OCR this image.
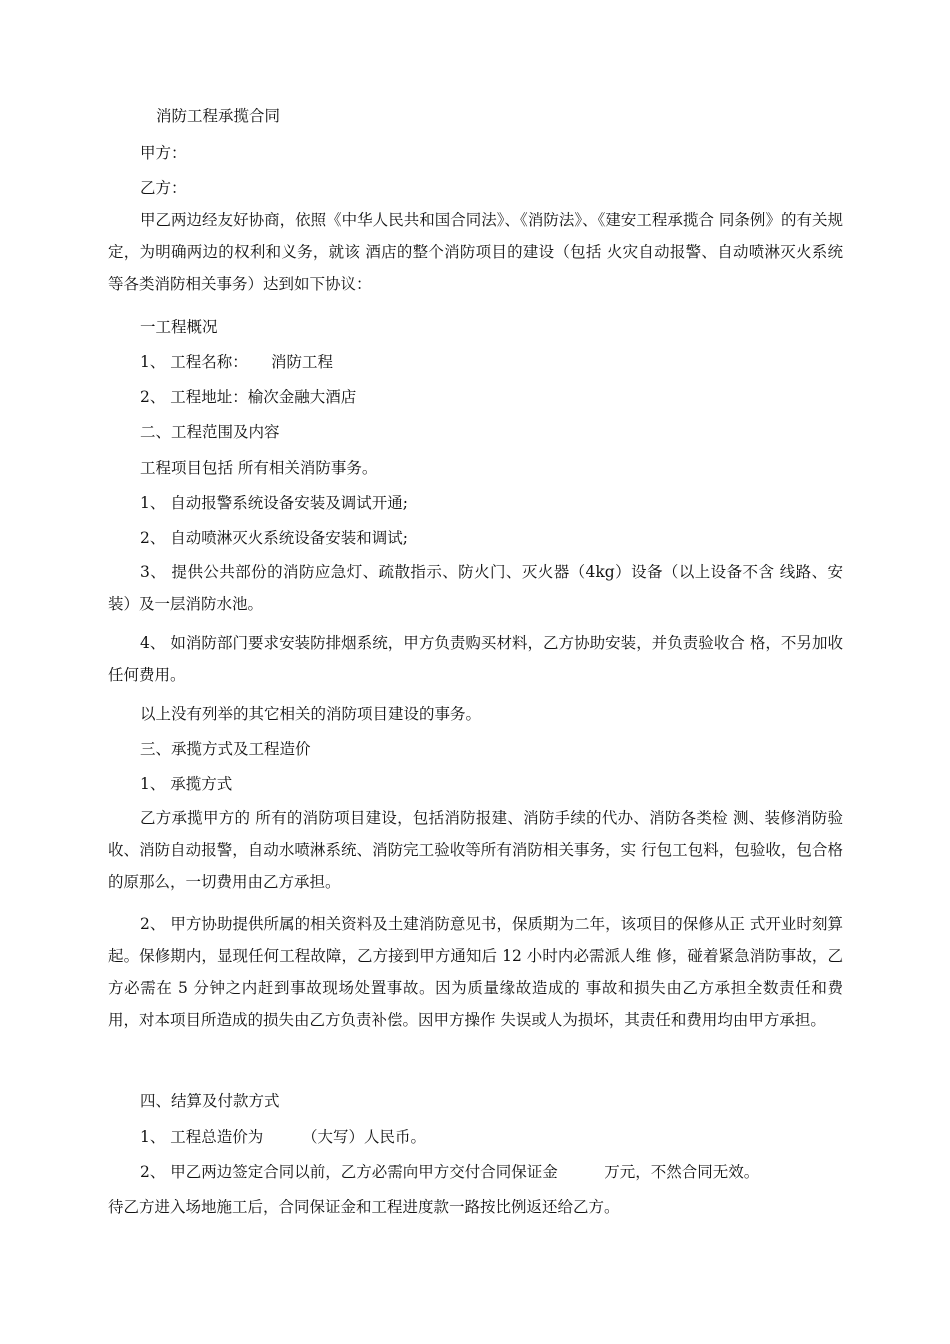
消防工程承揽合同
甲方：
乙方：
甲乙两边经友好协商，依照《中华人民共和国合同法》、《消防法》、《建安工程承揽合 同条例》的有关规定，为明确两边的权利和义务，就该 酒店的整个消防项目的建设（包括 火灾自动报警、自动喷淋灭火系统等各类消防相关事务）达到如下协议：
一工程概况
1、 工程名称：　　消防工程
2、 工程地址：榆次金融大酒店
二、工程范围及内容
工程项目包括 所有相关消防事务。
1、 自动报警系统设备安装及调试开通;
2、 自动喷淋灭火系统设备安装和调试;
3、 提供公共部份的消防应急灯、疏散指示、防火门、灭火器（4kg）设备（以上设备不含 线路、安装）及一层消防水池。
4、 如消防部门要求安装防排烟系统，甲方负责购买材料，乙方协助安装，并负责验收合 格，不另加收任何费用。
以上没有列举的其它相关的消防项目建设的事务。
三、承揽方式及工程造价
1、 承揽方式
乙方承揽甲方的 所有的消防项目建设，包括消防报建、消防手续的代办、消防各类检 测、装修消防验收、消防自动报警，自动水喷淋系统、消防完工验收等所有消防相关事务，实 行包工包料，包验收，包合格的原那么，一切费用由乙方承担。
2、 甲方协助提供所属的相关资料及土建消防意见书，保质期为二年，该项目的保修从正 式开业时刻算起。保修期内，显现任何工程故障，乙方接到甲方通知后 12 小时内必需派人维 修，碰着紧急消防事故，乙方必需在 5 分钟之内赶到事故现场处置事故。因为质量缘故造成的 事故和损失由乙方承担全数责任和费用，对本项目所造成的损失由乙方负责补偿。因甲方操作 失误或人为损坏，其责任和费用均由甲方承担。
四、结算及付款方式
1、 工程总造价为　　　（大写）人民币。
2、 甲乙两边签定合同以前，乙方必需向甲方交付合同保证金　　　万元，不然合同无效。
待乙方进入场地施工后，合同保证金和工程进度款一路按比例返还给乙方。
